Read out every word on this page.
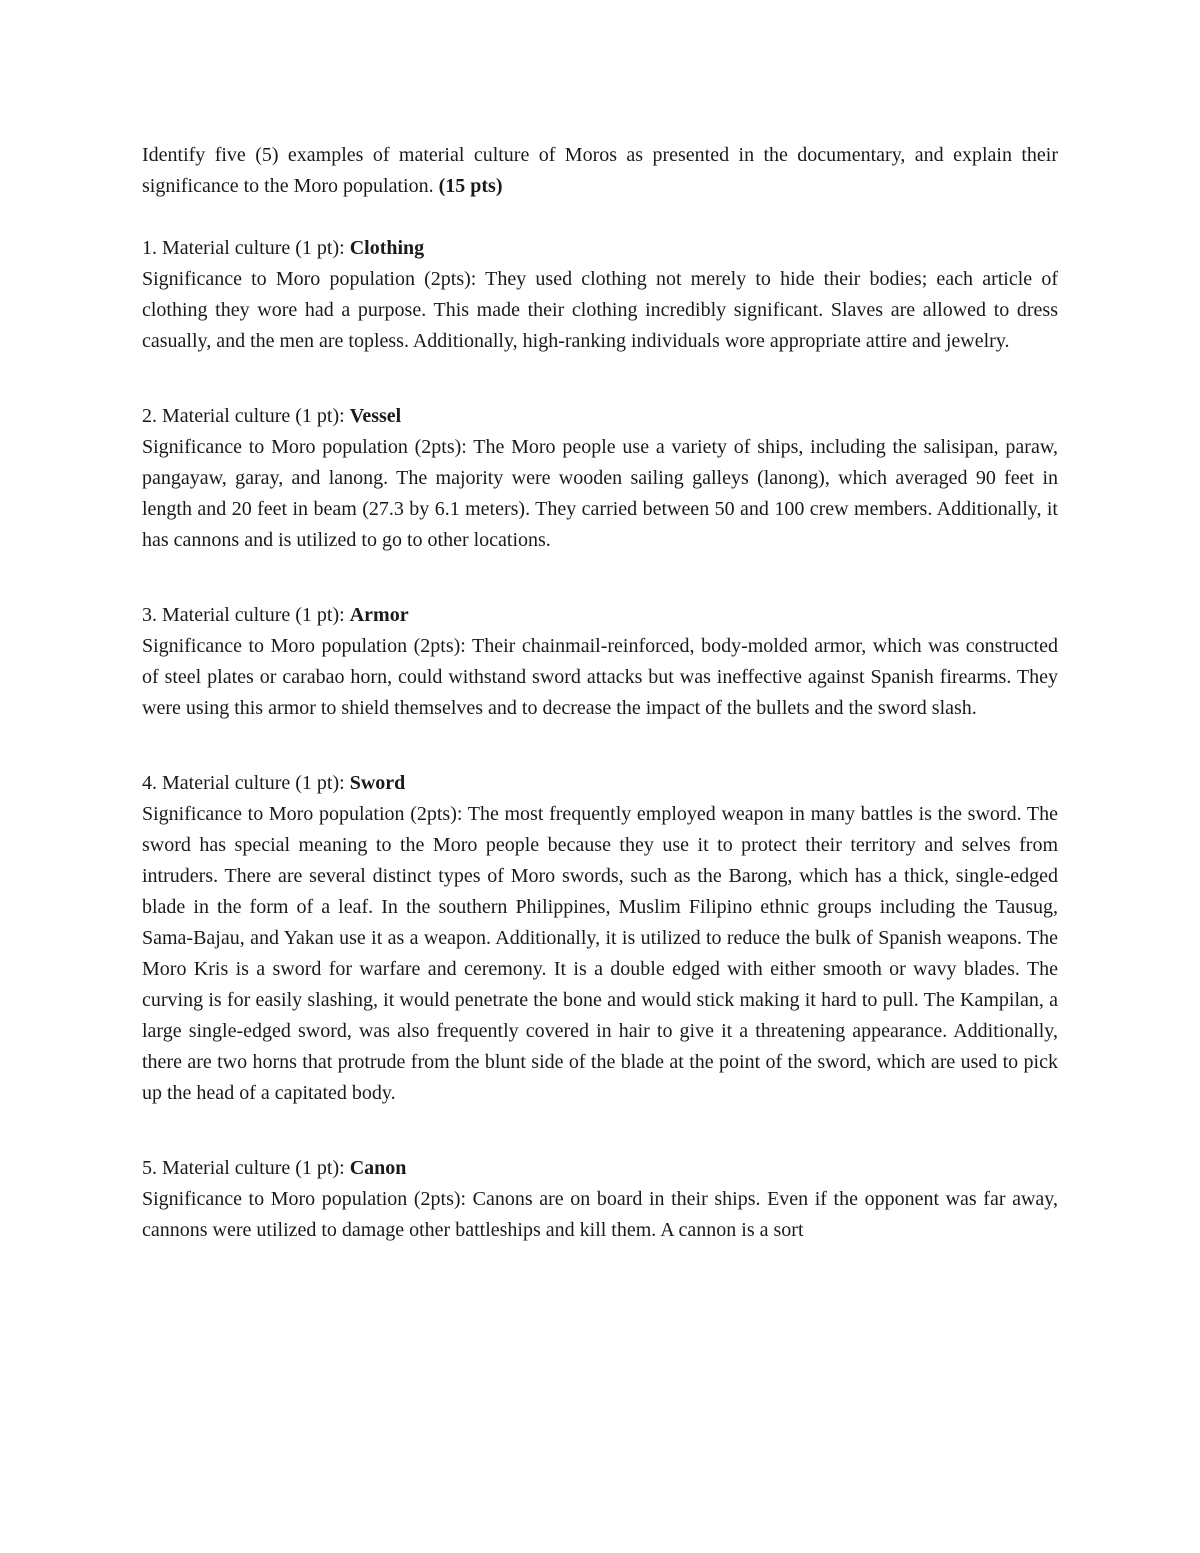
Identify five (5) examples of material culture of Moros as presented in the documentary, and explain their significance to the Moro population. (15 pts)

1. Material culture (1 pt): Clothing

Significance to Moro population (2pts): They used clothing not merely to hide their bodies; each article of clothing they wore had a purpose. This made their clothing incredibly significant. Slaves are allowed to dress casually, and the men are topless. Additionally, high-ranking individuals wore appropriate attire and jewelry.

2. Material culture (1 pt): Vessel

Significance to Moro population (2pts): The Moro people use a variety of ships, including the salisipan, paraw, pangayaw, garay, and lanong. The majority were wooden sailing galleys (lanong), which averaged 90 feet in length and 20 feet in beam (27.3 by 6.1 meters). They carried between 50 and 100 crew members. Additionally, it has cannons and is utilized to go to other locations.

3. Material culture (1 pt): Armor

Significance to Moro population (2pts): Their chainmail-reinforced, body-molded armor, which was constructed of steel plates or carabao horn, could withstand sword attacks but was ineffective against Spanish firearms. They were using this armor to shield themselves and to decrease the impact of the bullets and the sword slash.

4. Material culture (1 pt): Sword

Significance to Moro population (2pts): The most frequently employed weapon in many battles is the sword. The sword has special meaning to the Moro people because they use it to protect their territory and selves from intruders. There are several distinct types of Moro swords, such as the Barong, which has a thick, single-edged blade in the form of a leaf. In the southern Philippines, Muslim Filipino ethnic groups including the Tausug, Sama-Bajau, and Yakan use it as a weapon. Additionally, it is utilized to reduce the bulk of Spanish weapons. The Moro Kris is a sword for warfare and ceremony. It is a double edged with either smooth or wavy blades. The curving is for easily slashing, it would penetrate the bone and would stick making it hard to pull. The Kampilan, a large single-edged sword, was also frequently covered in hair to give it a threatening appearance. Additionally, there are two horns that protrude from the blunt side of the blade at the point of the sword, which are used to pick up the head of a capitated body.

5. Material culture (1 pt): Canon

Significance to Moro population (2pts): Canons are on board in their ships. Even if the opponent was far away, cannons were utilized to damage other battleships and kill them. A cannon is a sort
